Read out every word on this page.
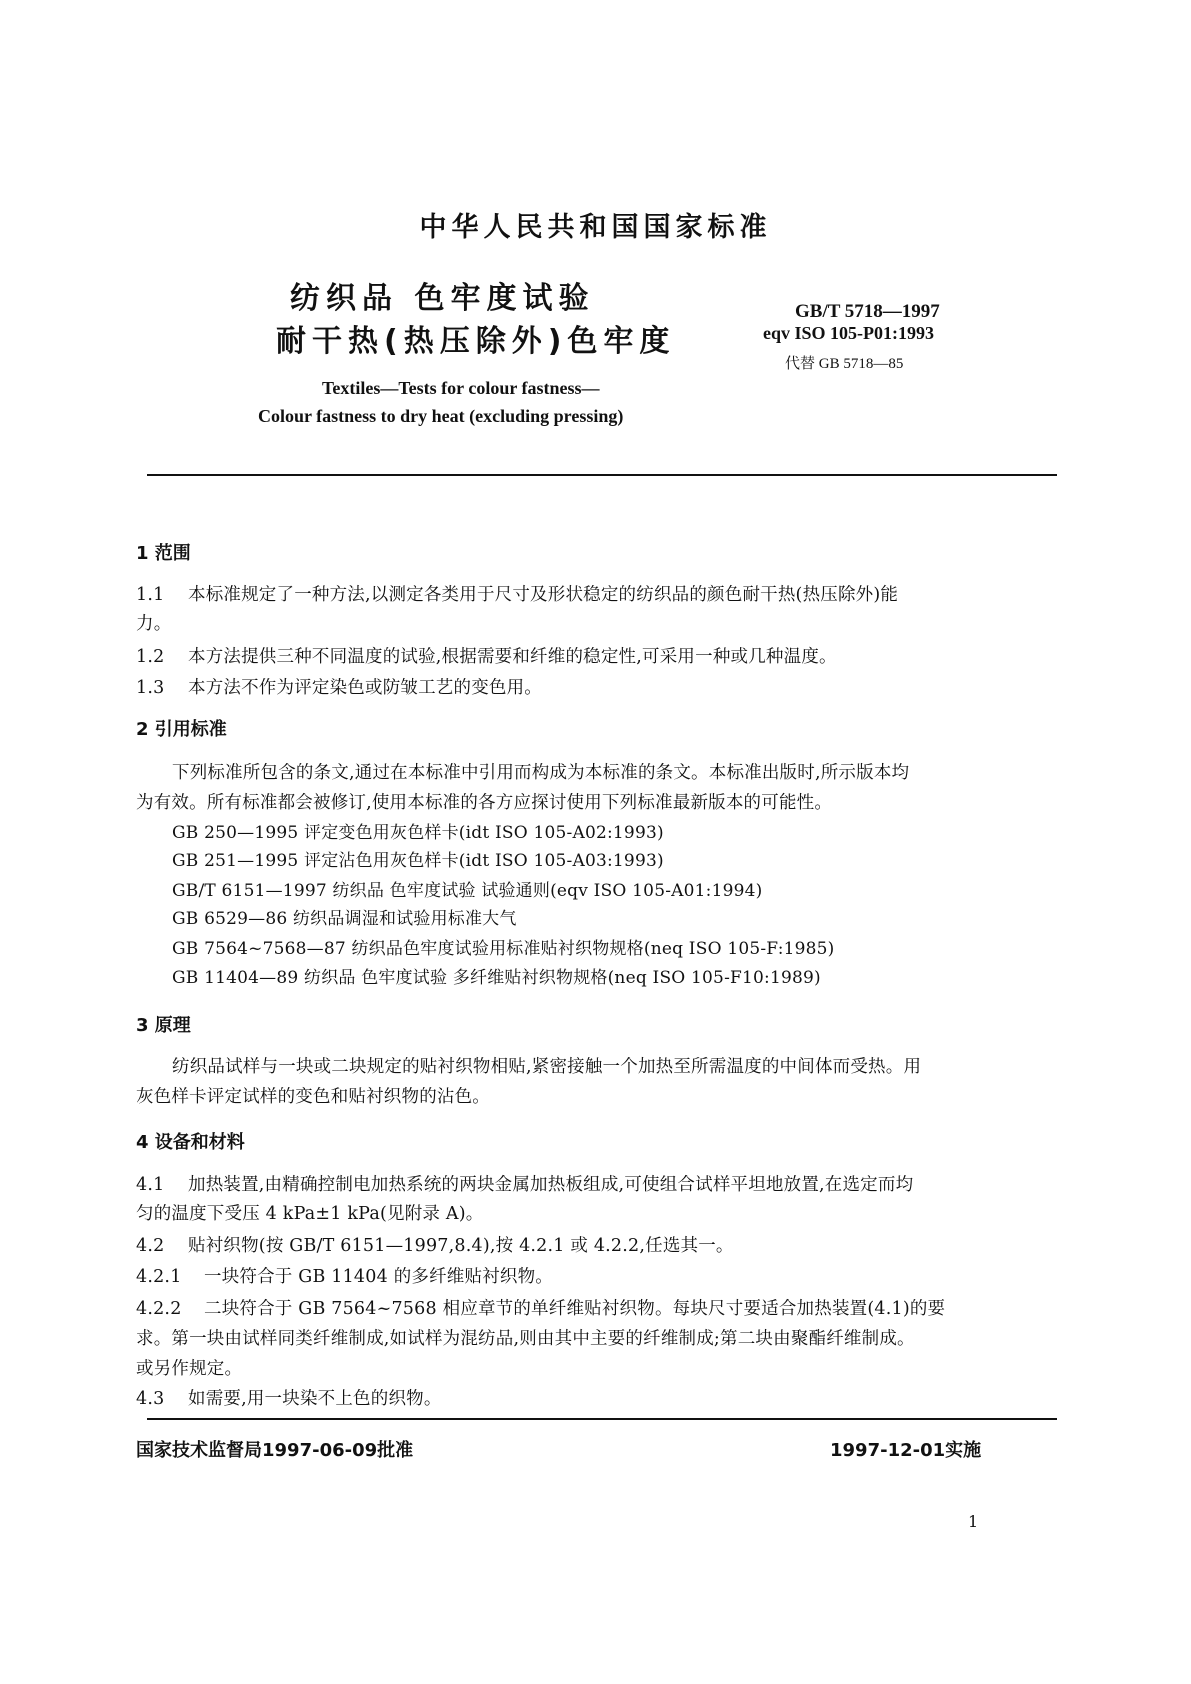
中华人民共和国国家标准
纺织品 色牢度试验
耐干热(热压除外)色牢度
GB/T 5718—1997
eqv ISO 105-P01:1993
代替 GB 5718—85
Textiles—Tests for colour fastness—
Colour fastness to dry heat (excluding pressing)
1 范围
1.1 本标准规定了一种方法,以测定各类用于尺寸及形状稳定的纺织品的颜色耐干热(热压除外)能
力。
1.2 本方法提供三种不同温度的试验,根据需要和纤维的稳定性,可采用一种或几种温度。
1.3 本方法不作为评定染色或防皱工艺的变色用。
2 引用标准
下列标准所包含的条文,通过在本标准中引用而构成为本标准的条文。本标准出版时,所示版本均
为有效。所有标准都会被修订,使用本标准的各方应探讨使用下列标准最新版本的可能性。
GB 250—1995 评定变色用灰色样卡(idt ISO 105-A02:1993)
GB 251—1995 评定沾色用灰色样卡(idt ISO 105-A03:1993)
GB/T 6151—1997 纺织品 色牢度试验 试验通则(eqv ISO 105-A01:1994)
GB 6529—86 纺织品调湿和试验用标准大气
GB 7564~7568—87 纺织品色牢度试验用标准贴衬织物规格(neq ISO 105-F:1985)
GB 11404—89 纺织品 色牢度试验 多纤维贴衬织物规格(neq ISO 105-F10:1989)
3 原理
纺织品试样与一块或二块规定的贴衬织物相贴,紧密接触一个加热至所需温度的中间体而受热。用
灰色样卡评定试样的变色和贴衬织物的沾色。
4 设备和材料
4.1 加热装置,由精确控制电加热系统的两块金属加热板组成,可使组合试样平坦地放置,在选定而均
匀的温度下受压 4 kPa±1 kPa(见附录 A)。
4.2 贴衬织物(按 GB/T 6151—1997,8.4),按 4.2.1 或 4.2.2,任选其一。
4.2.1 一块符合于 GB 11404 的多纤维贴衬织物。
4.2.2 二块符合于 GB 7564~7568 相应章节的单纤维贴衬织物。每块尺寸要适合加热装置(4.1)的要
求。第一块由试样同类纤维制成,如试样为混纺品,则由其中主要的纤维制成;第二块由聚酯纤维制成。
或另作规定。
4.3 如需要,用一块染不上色的织物。
国家技术监督局1997-06-09批准	1997-12-01实施
1
